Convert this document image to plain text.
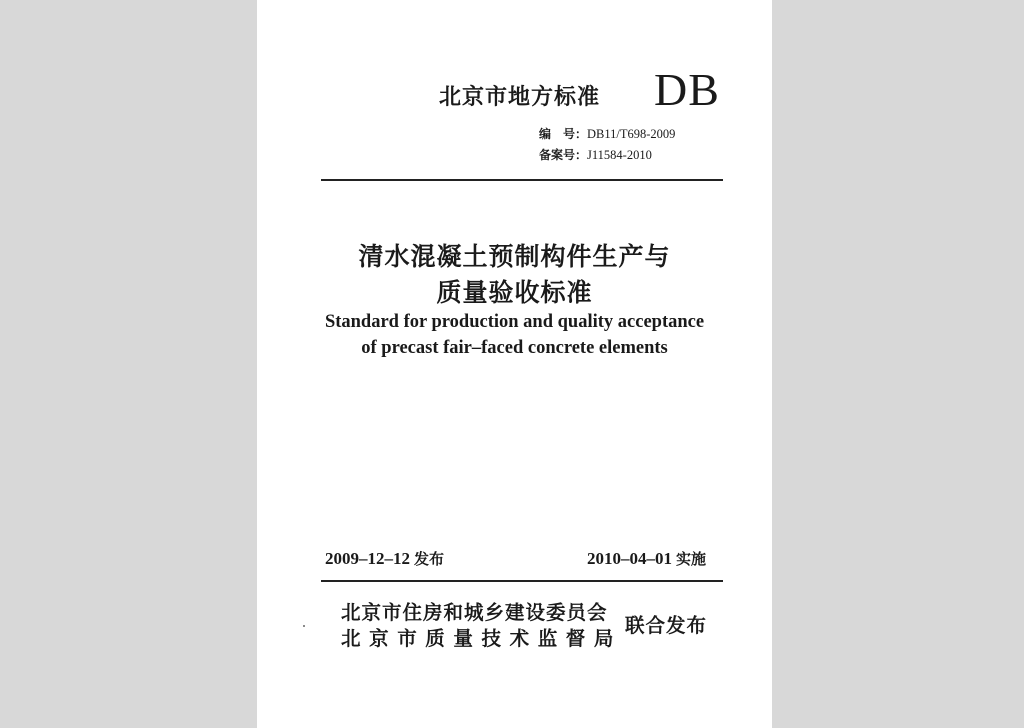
北京市地方标准 DB
编　号：DB11/T698-2009
备案号：J11584-2010
清水混凝土预制构件生产与
质量验收标准
Standard for production and quality acceptance
of precast fair–faced concrete elements
2009–12–12 发布	2010–04–01 实施
北京市住房和城乡建设委员会
北京市质量技术监督局
联合发布
